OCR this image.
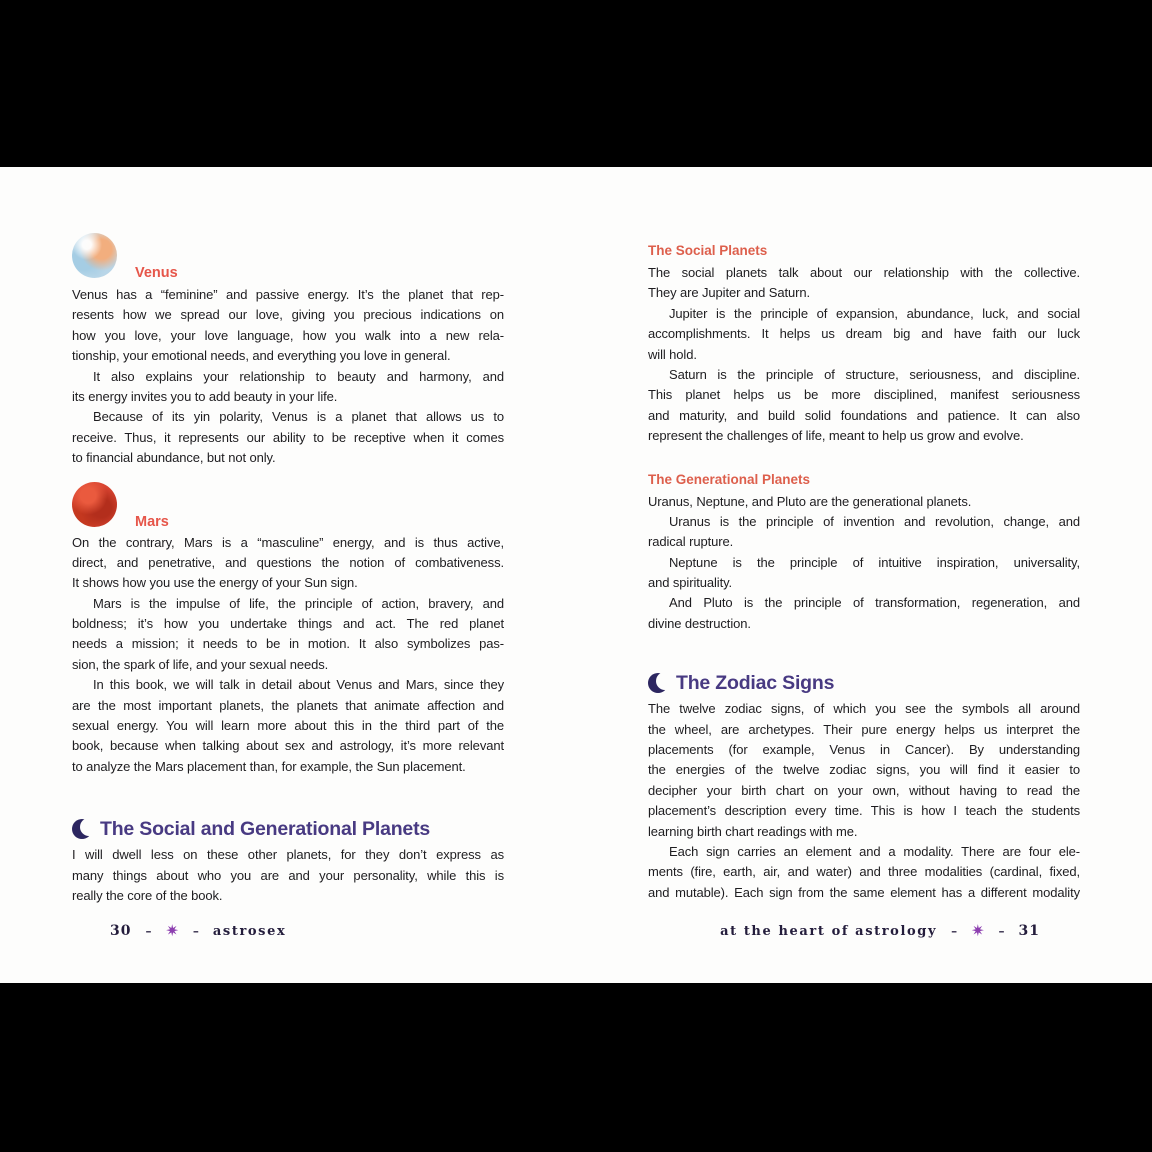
Venus
Venus has a “feminine” and passive energy. It’s the planet that rep-
resents how we spread our love, giving you precious indications on
how you love, your love language, how you walk into a new rela-
tionship, your emotional needs, and everything you love in general.
It also explains your relationship to beauty and harmony, and
its energy invites you to add beauty in your life.
Because of its yin polarity, Venus is a planet that allows us to
receive. Thus, it represents our ability to be receptive when it comes
to financial abundance, but not only.
Mars
On the contrary, Mars is a “masculine” energy, and is thus active,
direct, and penetrative, and questions the notion of combativeness.
It shows how you use the energy of your Sun sign.
Mars is the impulse of life, the principle of action, bravery, and
boldness; it’s how you undertake things and act. The red planet
needs a mission; it needs to be in motion. It also symbolizes pas-
sion, the spark of life, and your sexual needs.
In this book, we will talk in detail about Venus and Mars, since they
are the most important planets, the planets that animate affection and
sexual energy. You will learn more about this in the third part of the
book, because when talking about sex and astrology, it’s more relevant
to analyze the Mars placement than, for example, the Sun placement.
The Social and Generational Planets
I will dwell less on these other planets, for they don’t express as
many things about who you are and your personality, while this is
really the core of the book.
The Social Planets
The social planets talk about our relationship with the collective.
They are Jupiter and Saturn.
Jupiter is the principle of expansion, abundance, luck, and social
accomplishments. It helps us dream big and have faith our luck
will hold.
Saturn is the principle of structure, seriousness, and discipline.
This planet helps us be more disciplined, manifest seriousness
and maturity, and build solid foundations and patience. It can also
represent the challenges of life, meant to help us grow and evolve.
The Generational Planets
Uranus, Neptune, and Pluto are the generational planets.
Uranus is the principle of invention and revolution, change, and
radical rupture.
Neptune is the principle of intuitive inspiration, universality,
and spirituality.
And Pluto is the principle of transformation, regeneration, and
divine destruction.
The Zodiac Signs
The twelve zodiac signs, of which you see the symbols all around
the wheel, are archetypes. Their pure energy helps us interpret the
placements (for example, Venus in Cancer). By understanding
the energies of the twelve zodiac signs, you will find it easier to
decipher your birth chart on your own, without having to read the
placement’s description every time. This is how I teach the students
learning birth chart readings with me.
Each sign carries an element and a modality. There are four ele-
ments (fire, earth, air, and water) and three modalities (cardinal, fixed,
and mutable). Each sign from the same element has a different modality
30 – ✷ – astrosex	at the heart of astrology – ✷ – 31
